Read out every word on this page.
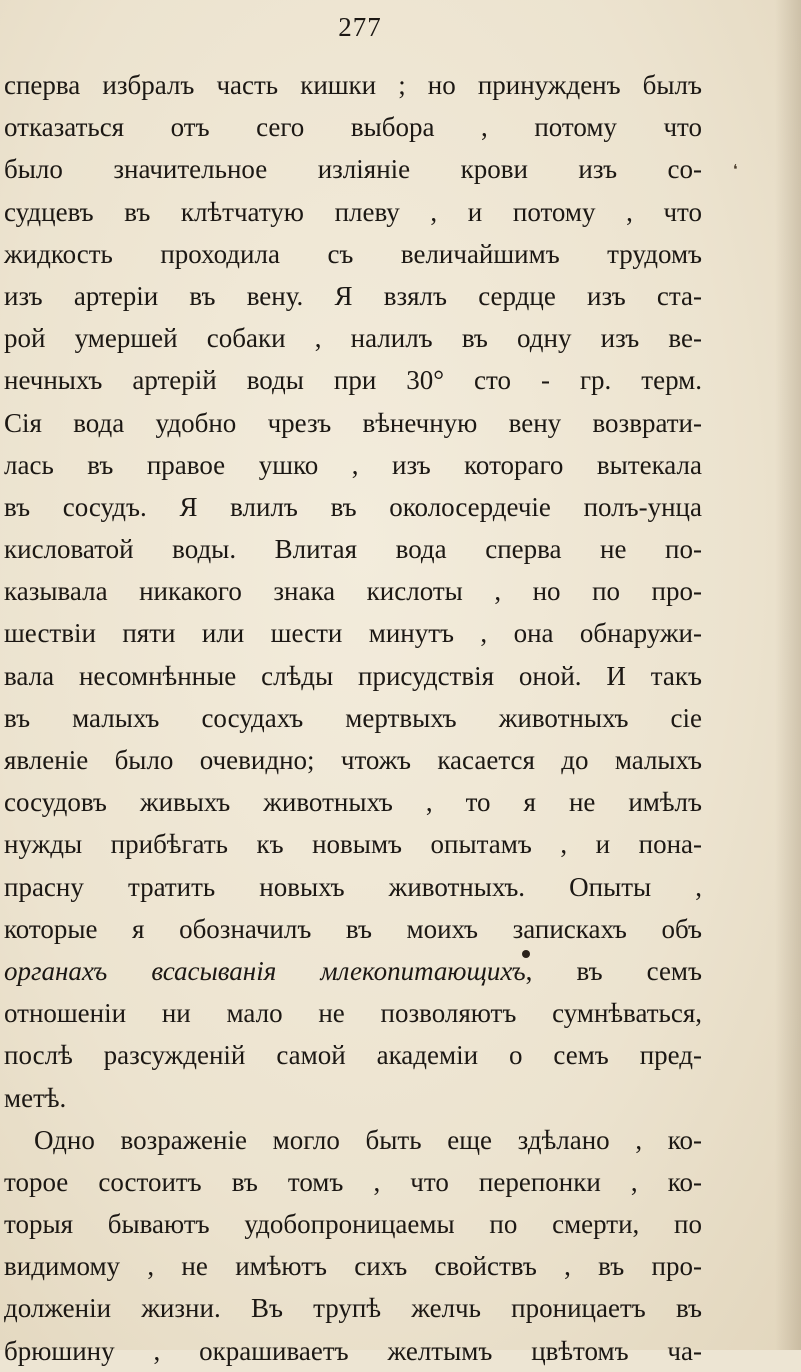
277
❛
сперва избралъ часть кишки ; но принужденъ былъ
отказаться отъ сего выбора , потому что
было значительное изліяніе крови изъ со-
судцевъ въ клѣтчатую плеву , и потому , что
жидкость проходила съ величайшимъ трудомъ
изъ артеріи въ вену. Я взялъ сердце изъ ста-
рой умершей собаки , налилъ въ одну изъ ве-
нечныхъ артерій воды при 30° сто - гр. терм.
Сія вода удобно чрезъ вѣнечную вену возврати-
лась въ правое ушко , изъ котораго вытекала
въ сосудъ. Я влилъ въ околосердечіе полъ-унца
кисловатой воды. Влитая вода сперва не по-
казывала никакого знака кислоты , но по про-
шествіи пяти или шести минутъ , она обнаружи-
вала несомнѣнные слѣды присудствія оной. И такъ
въ малыхъ сосудахъ мертвыхъ животныхъ сіе
явленіе было очевидно; чтожъ касается до малыхъ
сосудовъ живыхъ животныхъ , то я не имѣлъ
нужды прибѣгать къ новымъ опытамъ , и пона-
прасну тратить новыхъ животныхъ. Опыты ,
которые я обозначилъ въ моихъ запискахъ объ
органахъ всасыванія млекопитающихъ, въ семъ
отношеніи ни мало не позволяютъ сумнѣваться,
послѣ разсужденій самой академіи о семъ пред-
метѣ.
Одно возраженіе могло быть еще здѣлано , ко-
торое состоитъ въ томъ , что перепонки , ко-
торыя бываютъ удобопроницаемы по смерти, по
видимому , не имѣютъ сихъ свойствъ , въ про-
долженіи жизни. Въ трупѣ желчь проницаетъ въ
брюшину , окрашиваетъ желтымъ цвѣтомъ ча-
